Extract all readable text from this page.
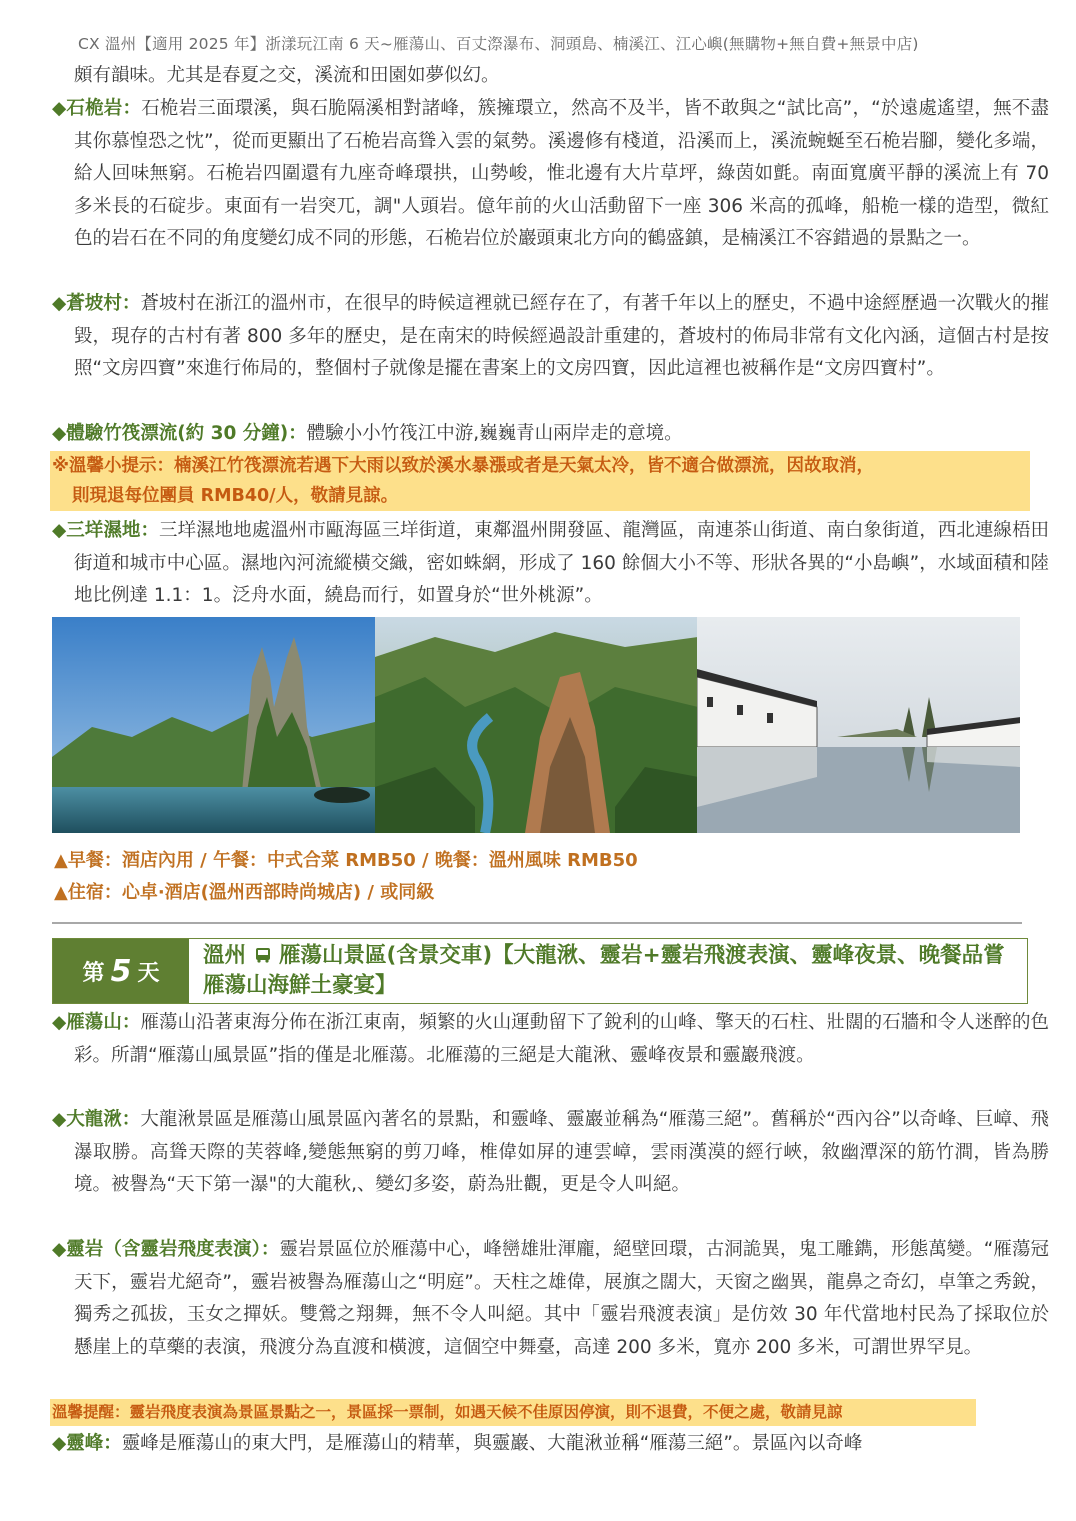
CX 溫州【適用 2025 年】浙漾玩江南 6 天~雁蕩山、百丈漈瀑布、洞頭島、楠溪江、江心嶼(無購物+無自費+無景中店)
頗有韻味。尤其是春夏之交，溪流和田園如夢似幻。
◆石桅岩：石桅岩三面環溪，與石脆隔溪相對諸峰，簇擁環立，然高不及半，皆不敢與之“試比高”，“於遠處遙望，無不盡其你慕惶恐之忱”，從而更顯出了石桅岩高聳入雲的氣勢。溪邊修有棧道，沿溪而上，溪流蜿蜒至石桅岩腳，變化多端，給人回味無窮。石桅岩四圍還有九座奇峰環拱，山勢峻，惟北邊有大片草坪，綠茵如氈。南面寬廣平靜的溪流上有 70 多米長的石碇步。東面有一岩突兀，調"人頭岩。億年前的火山活動留下一座 306 米高的孤峰，船桅一樣的造型，微紅色的岩石在不同的角度變幻成不同的形態，石桅岩位於巖頭東北方向的鶴盛鎮，是楠溪江不容錯過的景點之一。
◆蒼坡村：蒼坡村在浙江的溫州市，在很早的時候這裡就已經存在了，有著千年以上的歷史，不過中途經歷過一次戰火的摧毀，現存的古村有著 800 多年的歷史，是在南宋的時候經過設計重建的，蒼坡村的佈局非常有文化內涵，這個古村是按照“文房四寶”來進行佈局的，整個村子就像是擺在書案上的文房四寶，因此這裡也被稱作是“文房四寶村”。
◆體驗竹筏漂流(約 30 分鐘)：體驗小小竹筏江中游,巍巍青山兩岸走的意境。
※溫馨小提示：楠溪江竹筏漂流若遇下大雨以致於溪水暴漲或者是天氣太冷，皆不適合做漂流，因故取消，
則現退每位團員 RMB40/人，敬請見諒。
◆三垟濕地：三垟濕地地處溫州市甌海區三垟街道，東鄰溫州開發區、龍灣區，南連茶山街道、南白象街道，西北連線梧田街道和城市中心區。濕地內河流縱橫交織，密如蛛網，形成了 160 餘個大小不等、形狀各異的“小島嶼”，水域面積和陸地比例達 1.1：1。泛舟水面，繞島而行，如置身於“世外桃源”。
▲早餐：酒店內用 / 午餐：中式合菜 RMB50 / 晚餐：溫州風味 RMB50
▲住宿：心卓·酒店(溫州西部時尚城店) / 或同級
第 5 天
溫州 雁蕩山景區(含景交車)【大龍湫、靈岩+靈岩飛渡表演、靈峰夜景、晚餐品嘗雁蕩山海鮮土豪宴】
◆雁蕩山：雁蕩山沿著東海分佈在浙江東南，頻繁的火山運動留下了銳利的山峰、擎天的石柱、壯闊的石牆和令人迷醉的色彩。所謂“雁蕩山風景區”指的僅是北雁蕩。北雁蕩的三絕是大龍湫、靈峰夜景和靈巖飛渡。
◆大龍湫：大龍湫景區是雁蕩山風景區內著名的景點，和靈峰、靈巖並稱為“雁蕩三絕”。舊稱於“西內谷”以奇峰、巨嶂、飛瀑取勝。高聳天際的芙蓉峰,變態無窮的剪刀峰，椎偉如屏的連雲嶂，雲雨漢漠的經行峽，敘幽潭深的筋竹澗，皆為勝境。被譽為“天下第一瀑"的大龍秋,、變幻多姿，蔚為壯觀，更是令人叫絕。
◆靈岩（含靈岩飛度表演）：靈岩景區位於雁蕩中心，峰巒雄壯渾龐，絕壁回環，古洞詭異，鬼工雕鐫，形態萬變。“雁蕩冠天下，靈岩尤絕奇”，靈岩被譽為雁蕩山之“明庭”。天柱之雄偉，展旗之闊大，天窗之幽異，龍鼻之奇幻，卓筆之秀銳，獨秀之孤拔，玉女之撣妖。雙鶯之翔舞，無不令人叫絕。其中「靈岩飛渡表演」是仿效 30 年代當地村民為了採取位於懸崖上的草藥的表演，飛渡分為直渡和橫渡，這個空中舞臺，高達 200 多米，寬亦 200 多米，可謂世界罕見。
溫馨提醒：靈岩飛度表演為景區景點之一，景區採一票制，如遇天候不佳原因停演，則不退費，不便之處，敬請見諒
◆靈峰：靈峰是雁蕩山的東大門，是雁蕩山的精華，與靈巖、大龍湫並稱“雁蕩三絕”。景區內以奇峰
